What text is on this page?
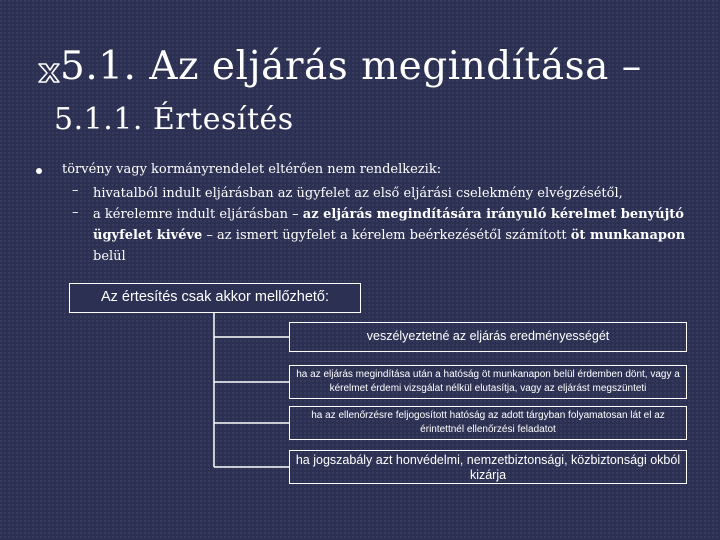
5.1. Az eljárás megindítása –
5.1.1. Értesítés
törvény vagy kormányrendelet eltérően nem rendelkezik:
– hivatalból indult eljárásban az ügyfelet az első eljárási cselekmény elvégzésétől,
– a kérelemre indult eljárásban – az eljárás megindítására irányuló kérelmet benyújtó ügyfelet kivéve – az ismert ügyfelet a kérelem beérkezésétől számított öt munkanapon belül
Az értesítés csak akkor mellőzhető:
veszélyeztetné az eljárás eredményességét
ha az eljárás megindítása után a hatóság öt munkanapon belül érdemben dönt, vagy a kérelmet érdemi vizsgálat nélkül elutasítja, vagy az eljárást megszünteti
ha az ellenőrzésre feljogosított hatóság az adott tárgyban folyamatosan lát el az érintettnél ellenőrzési feladatot
ha jogszabály azt honvédelmi, nemzetbiztonsági, közbiztonsági okból kizárja
